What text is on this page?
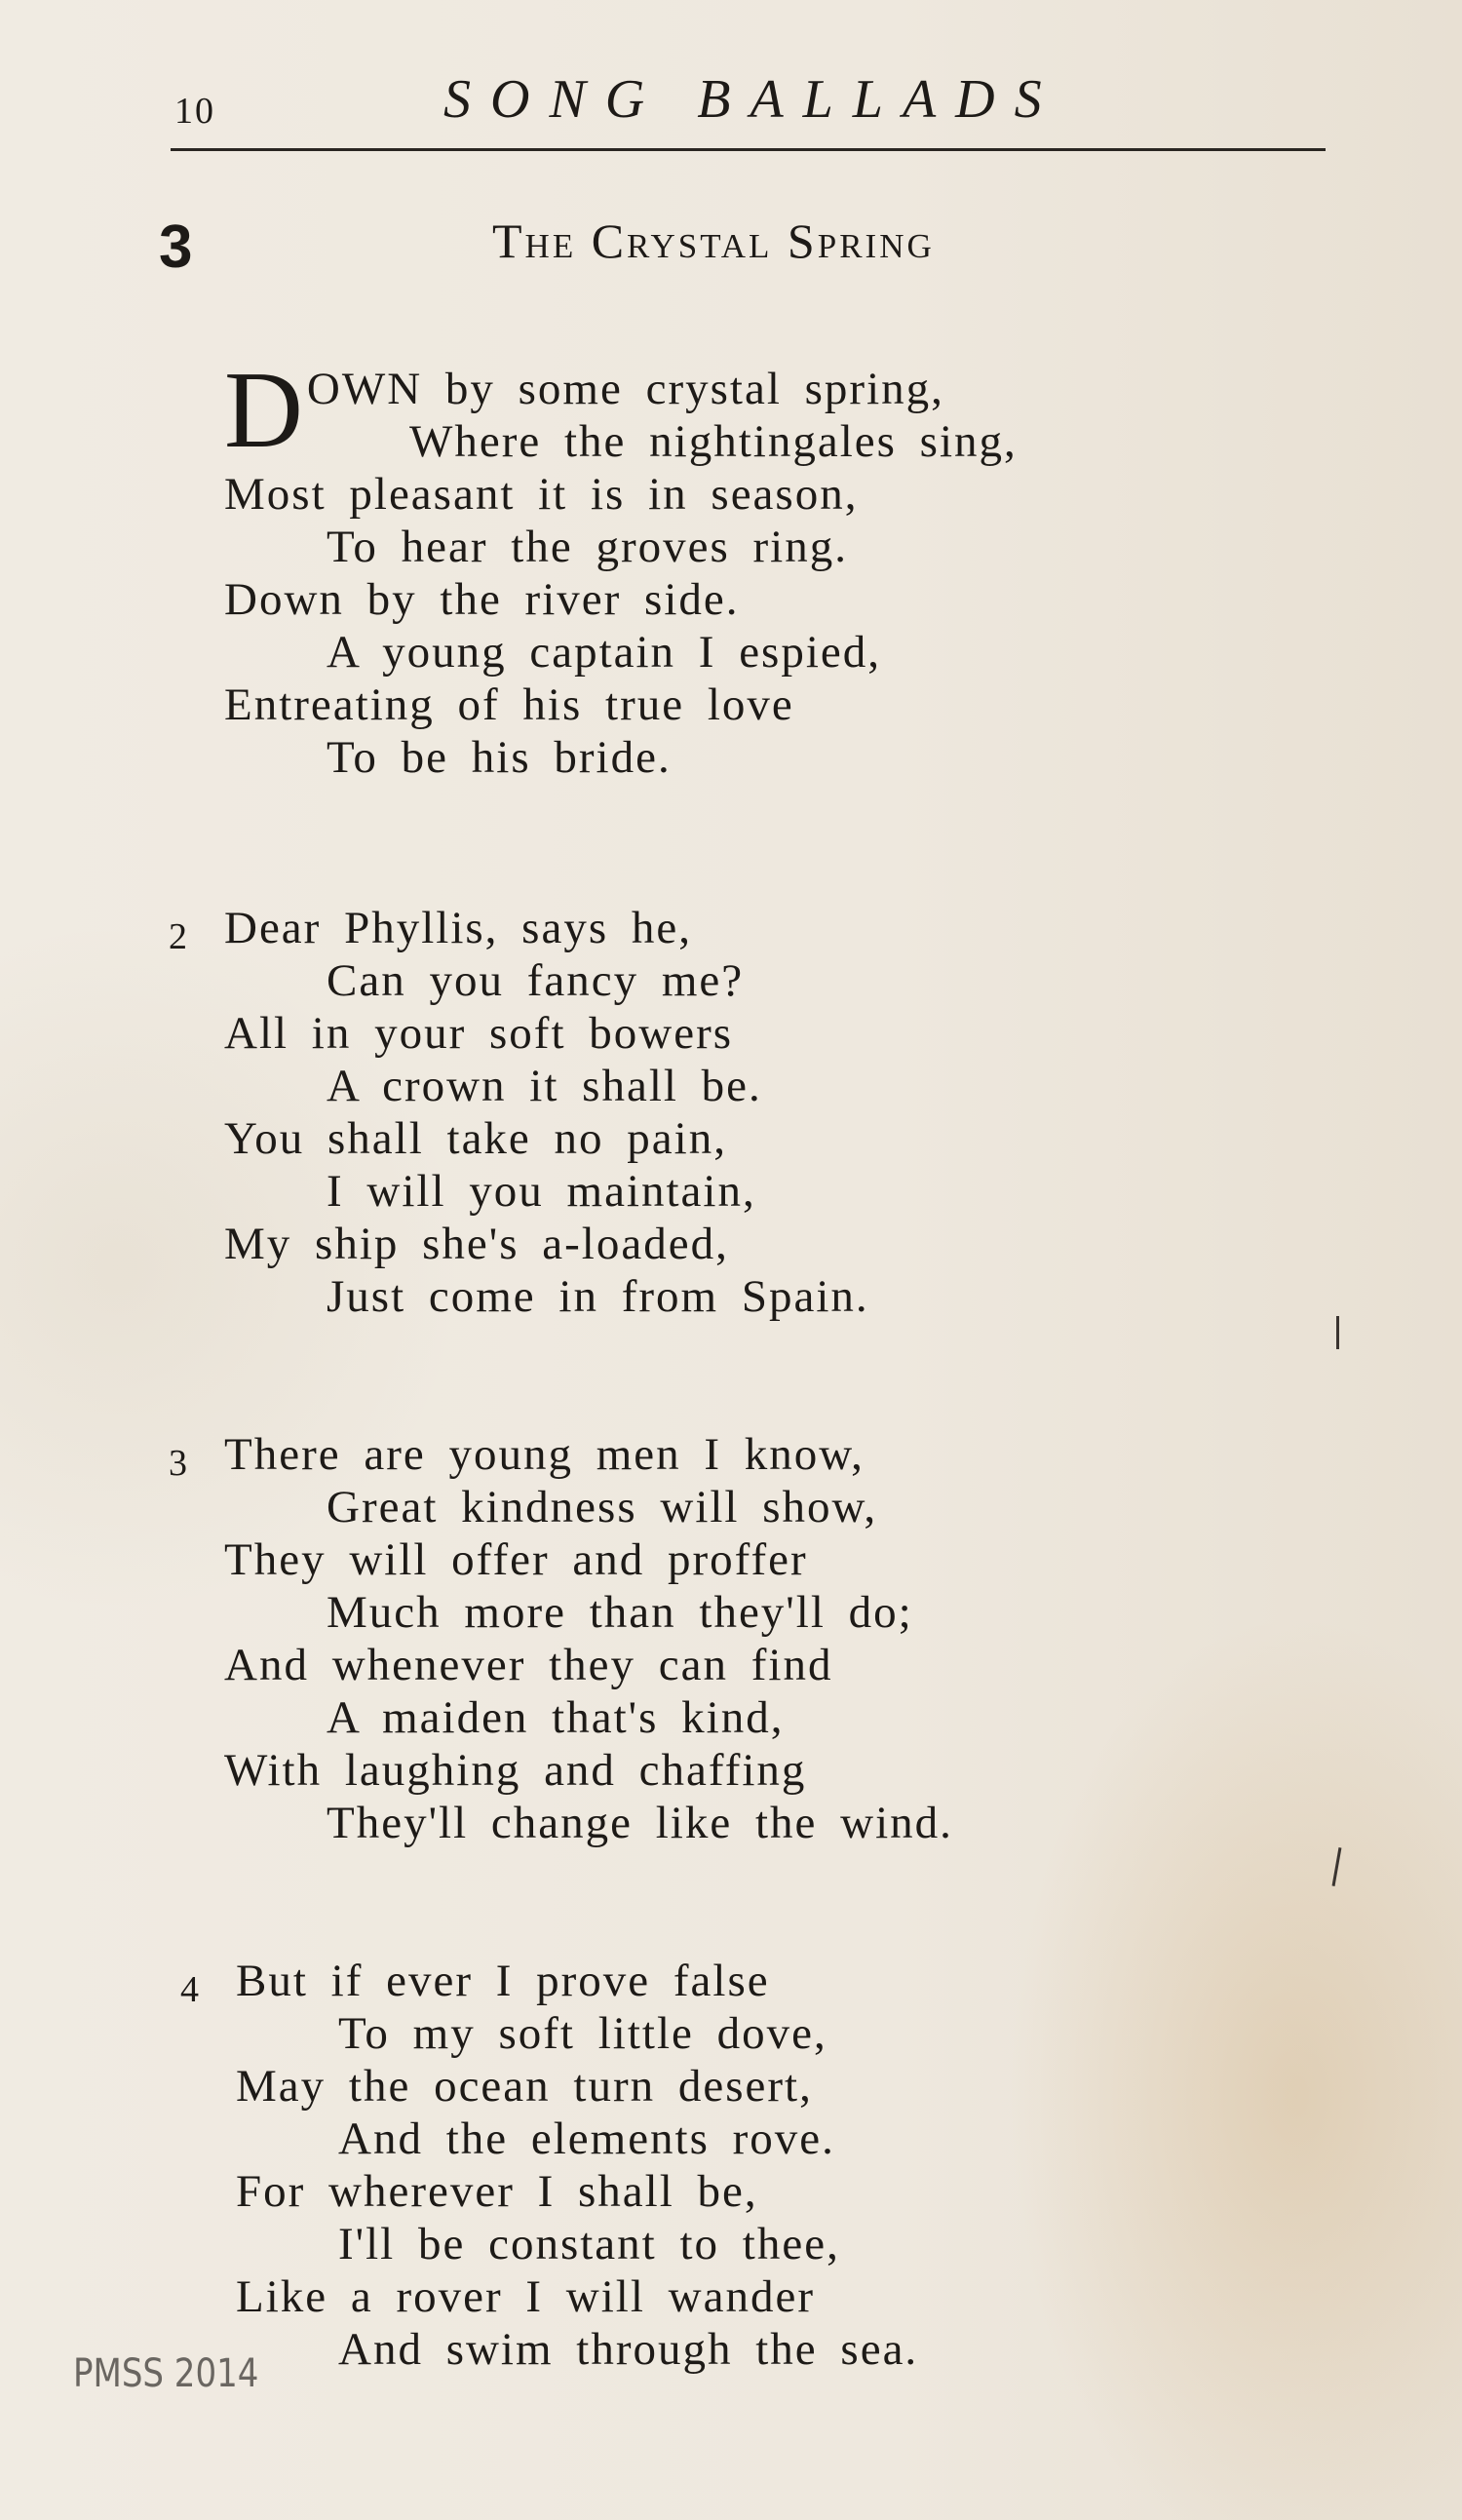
10	SONG BALLADS
3	The Crystal Spring
D OWN by some crystal spring,
Where the nightingales sing,
Most pleasant it is in season,
To hear the groves ring.
Down by the river side.
A young captain I espied,
Entreating of his true love
To be his bride.
2 Dear Phyllis, says he,
Can you fancy me?
All in your soft bowers
A crown it shall be.
You shall take no pain,
I will you maintain,
My ship she's a-loaded,
Just come in from Spain.
3 There are young men I know,
Great kindness will show,
They will offer and proffer
Much more than they'll do;
And whenever they can find
A maiden that's kind,
With laughing and chaffing
They'll change like the wind.
4 But if ever I prove false
To my soft little dove,
May the ocean turn desert,
And the elements rove.
For wherever I shall be,
I'll be constant to thee,
Like a rover I will wander
And swim through the sea.
PMSS 2014
